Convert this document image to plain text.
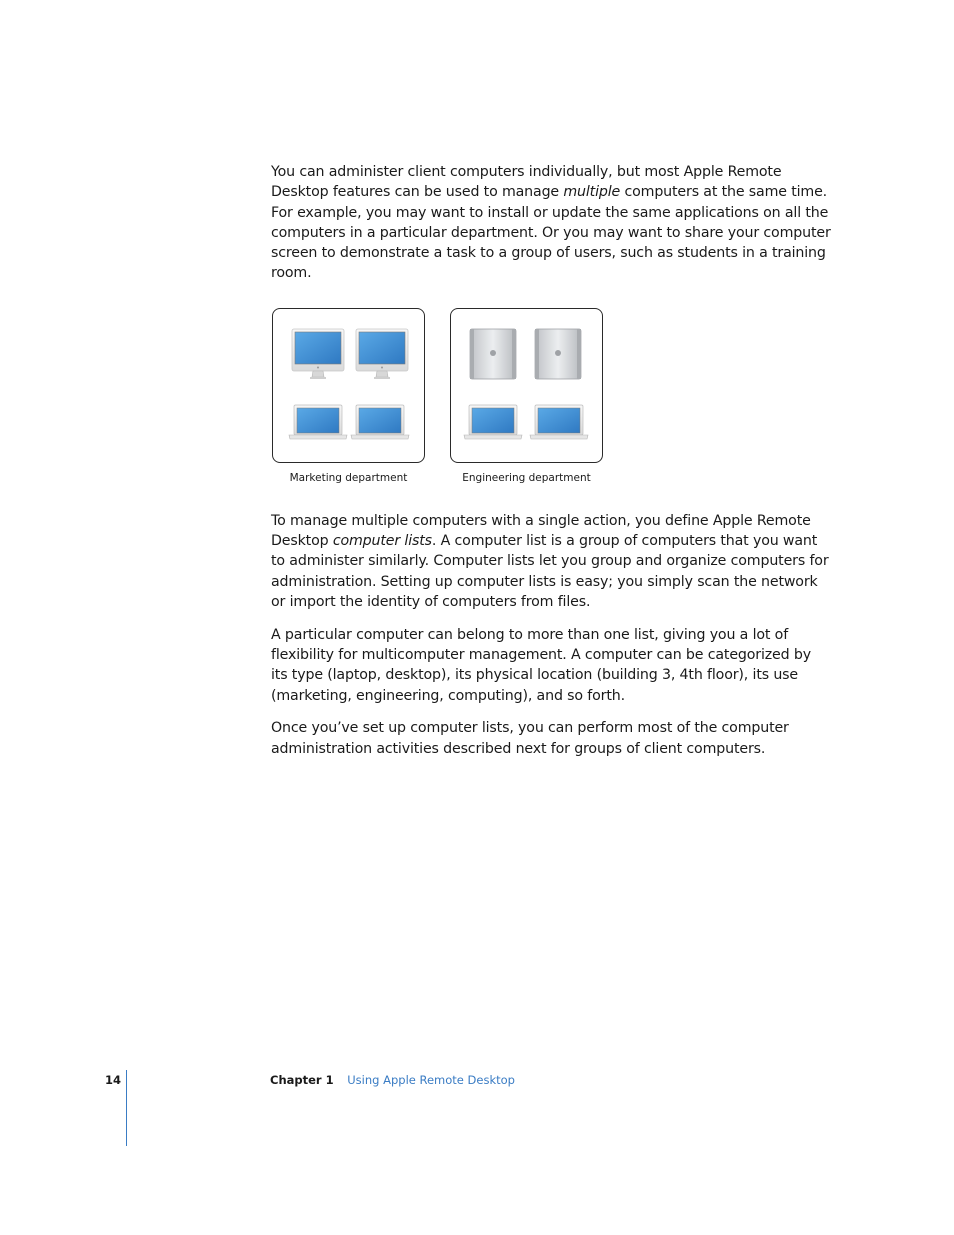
You can administer client computers individually, but most Apple Remote Desktop features can be used to manage multiple computers at the same time. For example, you may want to install or update the same applications on all the computers in a particular department. Or you may want to share your computer screen to demonstrate a task to a group of users, such as students in a training room.

Marketing department	Engineering department

To manage multiple computers with a single action, you define Apple Remote Desktop computer lists. A computer list is a group of computers that you want to administer similarly. Computer lists let you group and organize computers for administration. Setting up computer lists is easy; you simply scan the network or import the identity of computers from files.

A particular computer can belong to more than one list, giving you a lot of flexibility for multicomputer management. A computer can be categorized by its type (laptop, desktop), its physical location (building 3, 4th floor), its use (marketing, engineering, computing), and so forth.

Once you’ve set up computer lists, you can perform most of the computer administration activities described next for groups of client computers.

14	Chapter 1 Using Apple Remote Desktop
